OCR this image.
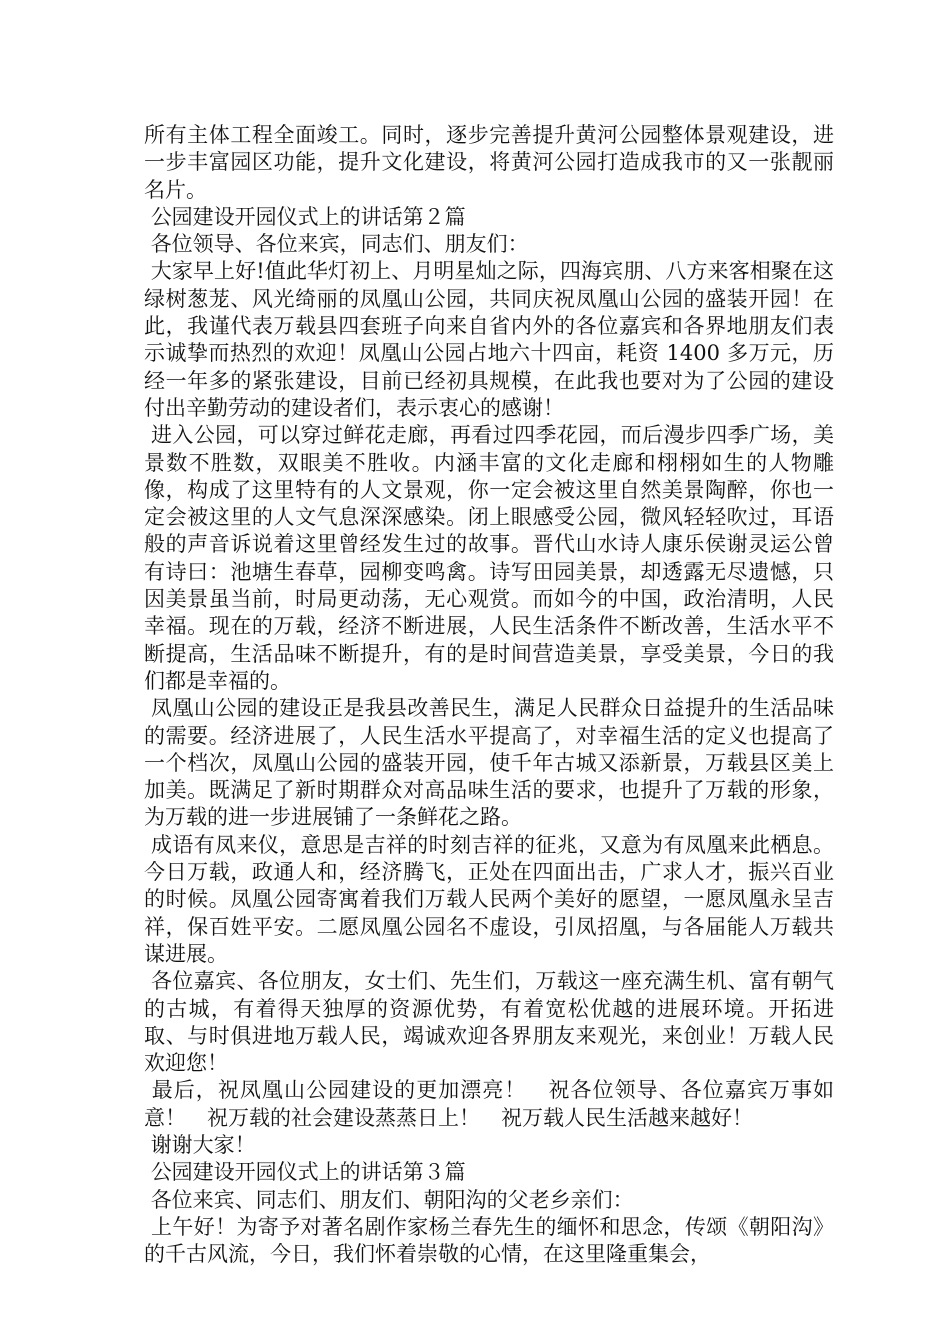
所有主体工程全面竣工。同时，逐步完善提升黄河公园整体景观建设，进一步丰富园区功能，提升文化建设，将黄河公园打造成我市的又一张靓丽名片。

公园建设开园仪式上的讲话第２篇

各位领导、各位来宾，同志们、朋友们：

大家早上好!值此华灯初上、月明星灿之际，四海宾朋、八方来客相聚在这绿树葱茏、风光绮丽的凤凰山公园，共同庆祝凤凰山公园的盛装开园！在此，我谨代表万载县四套班子向来自省内外的各位嘉宾和各界地朋友们表示诚挚而热烈的欢迎！凤凰山公园占地六十四亩，耗资 1400 多万元，历经一年多的紧张建设，目前已经初具规模，在此我也要对为了公园的建设付出辛勤劳动的建设者们，表示衷心的感谢！

进入公园，可以穿过鲜花走廊，再看过四季花园，而后漫步四季广场，美景数不胜数，双眼美不胜收。内涵丰富的文化走廊和栩栩如生的人物雕像，构成了这里特有的人文景观，你一定会被这里自然美景陶醉，你也一定会被这里的人文气息深深感染。闭上眼感受公园，微风轻轻吹过，耳语般的声音诉说着这里曾经发生过的故事。晋代山水诗人康乐侯谢灵运公曾有诗曰：池塘生春草，园柳变鸣禽。诗写田园美景，却透露无尽遗憾，只因美景虽当前，时局更动荡，无心观赏。而如今的中国，政治清明，人民幸福。现在的万载，经济不断进展，人民生活条件不断改善，生活水平不断提高，生活品味不断提升，有的是时间营造美景，享受美景，今日的我们都是幸福的。

凤凰山公园的建设正是我县改善民生，满足人民群众日益提升的生活品味的需要。经济进展了，人民生活水平提高了，对幸福生活的定义也提高了一个档次，凤凰山公园的盛装开园，使千年古城又添新景，万载县区美上加美。既满足了新时期群众对高品味生活的要求，也提升了万载的形象，为万载的进一步进展铺了一条鲜花之路。

成语有凤来仪，意思是吉祥的时刻吉祥的征兆，又意为有凤凰来此栖息。今日万载，政通人和，经济腾飞，正处在四面出击，广求人才，振兴百业的时候。凤凰公园寄寓着我们万载人民两个美好的愿望，一愿凤凰永呈吉祥，保百姓平安。二愿凤凰公园名不虚设，引凤招凰，与各届能人万载共谋进展。

各位嘉宾、各位朋友，女士们、先生们，万载这一座充满生机、富有朝气的古城，有着得天独厚的资源优势，有着宽松优越的进展环境。开拓进取、与时俱进地万载人民，竭诚欢迎各界朋友来观光，来创业！万载人民欢迎您！

最后，祝凤凰山公园建设的更加漂亮！　祝各位领导、各位嘉宾万事如意！　祝万载的社会建设蒸蒸日上！　祝万载人民生活越来越好！

谢谢大家！

公园建设开园仪式上的讲话第３篇

各位来宾、同志们、朋友们、朝阳沟的父老乡亲们：

上午好！为寄予对著名剧作家杨兰春先生的缅怀和思念，传颂《朝阳沟》的千古风流，今日，我们怀着崇敬的心情，在这里隆重集会，
